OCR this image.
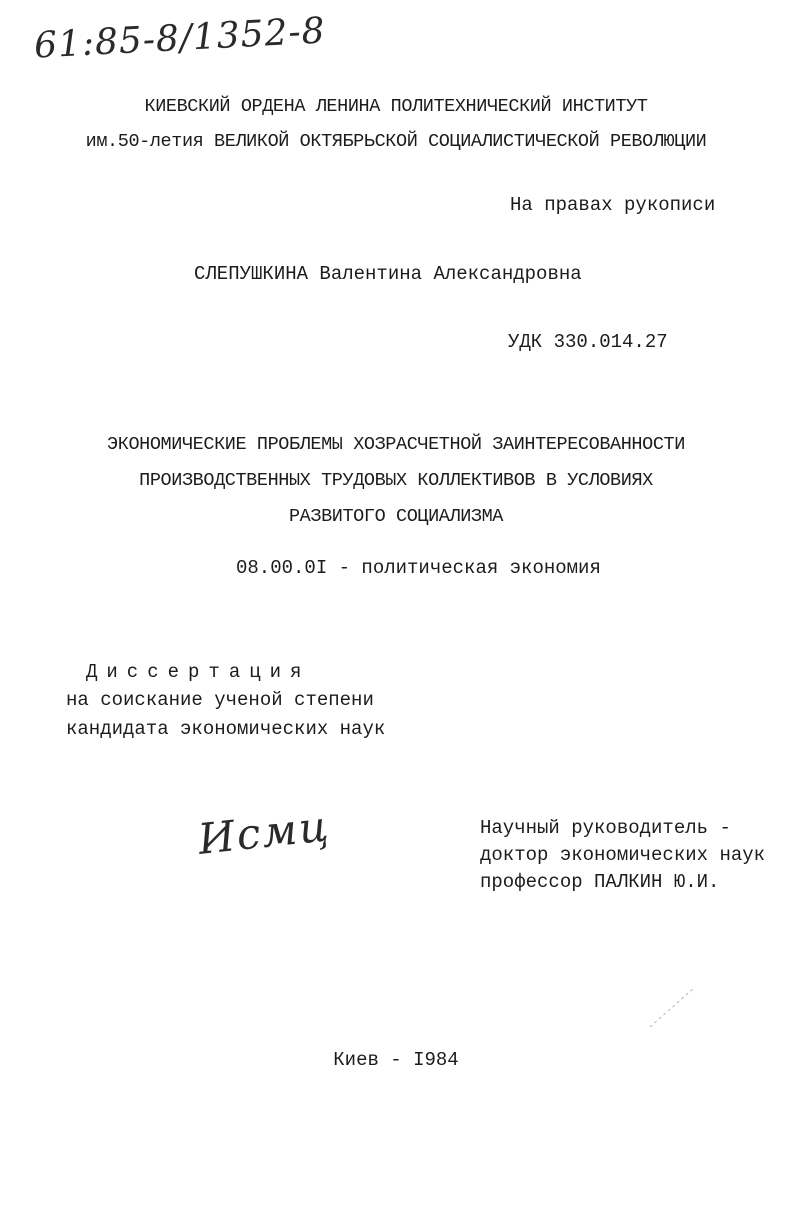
61:85-8/1352-8
КИЕВСКИЙ ОРДЕНА ЛЕНИНА ПОЛИТЕХНИЧЕСКИЙ ИНСТИТУТ
им.50-летия ВЕЛИКОЙ ОКТЯБРЬСКОЙ СОЦИАЛИСТИЧЕСКОЙ РЕВОЛЮЦИИ
На правах рукописи
СЛЕПУШКИНА Валентина Александровна
УДК 330.014.27
ЭКОНОМИЧЕСКИЕ ПРОБЛЕМЫ ХОЗРАСЧЕТНОЙ ЗАИНТЕРЕСОВАННОСТИ
ПРОИЗВОДСТВЕННЫХ ТРУДОВЫХ КОЛЛЕКТИВОВ В УСЛОВИЯХ
РАЗВИТОГО СОЦИАЛИЗМА
08.00.0I - политическая экономия
Диссертация
на соискание ученой степени
кандидата экономических наук
Исмц	Научный руководитель -
доктор экономических наук
профессор ПАЛКИН Ю.И.
Киев - I984
